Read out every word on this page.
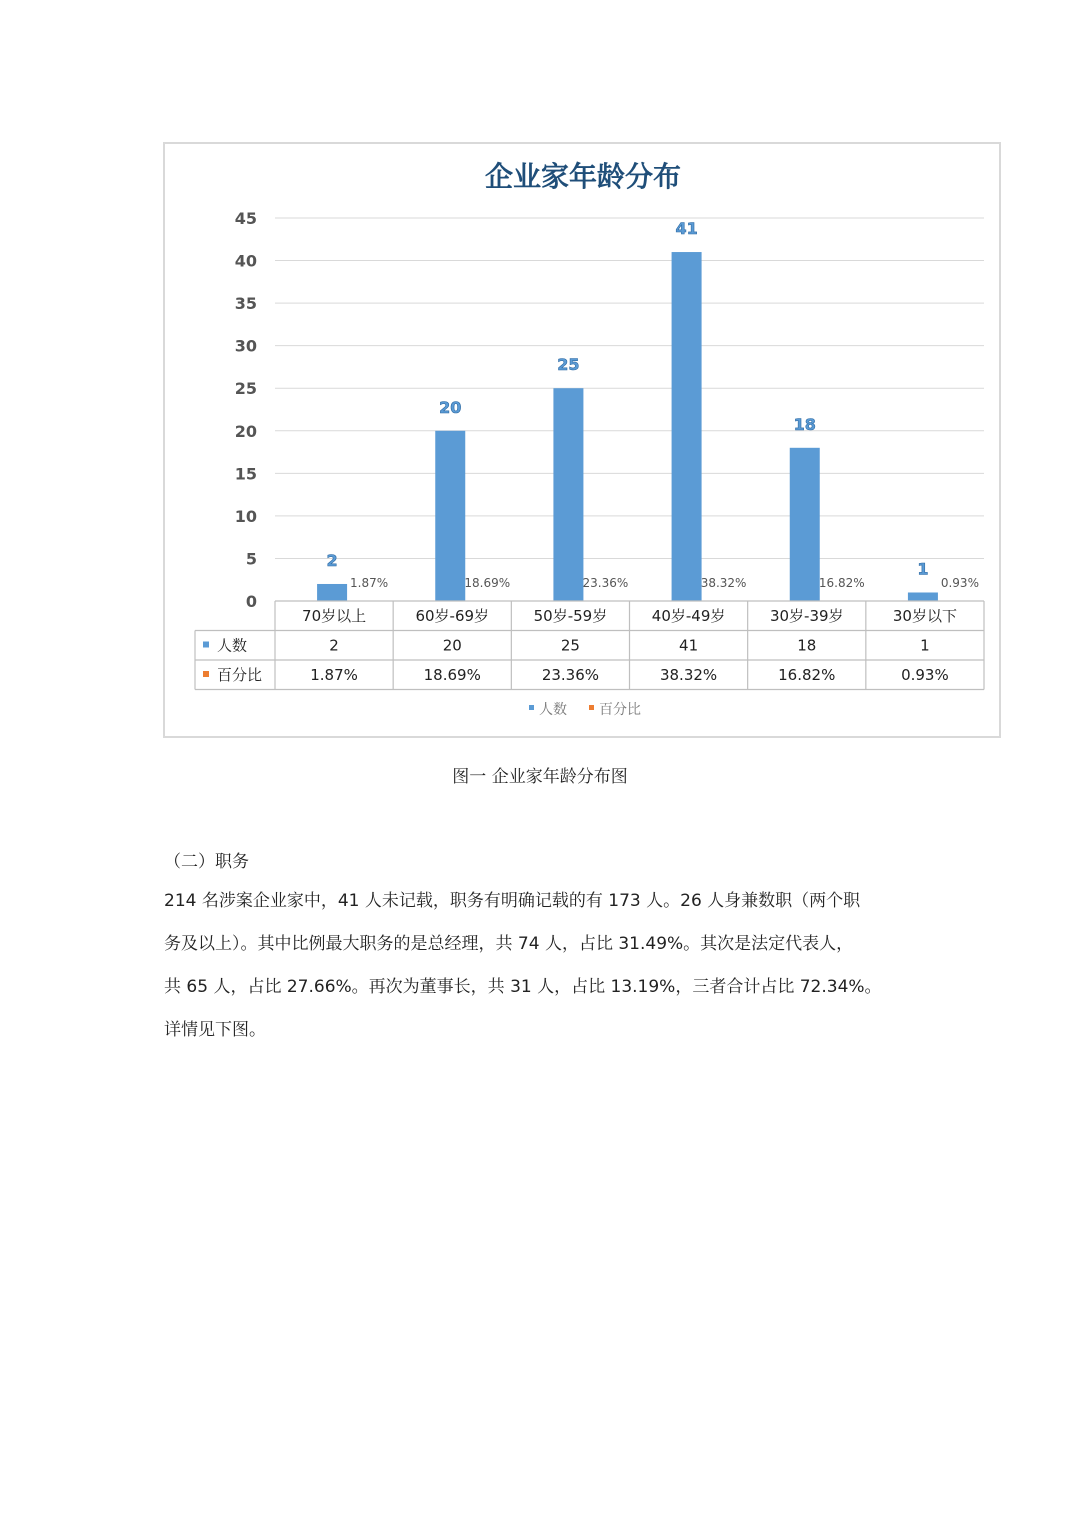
企业家年龄分布
0
5
10
15
20
25
30
35
40
45
2
1.87%
20
18.69%
25
23.36%
41
38.32%
18
16.82%
1
0.93%
70岁以上
2
1.87%
60岁-69岁
20
18.69%
50岁-59岁
25
23.36%
40岁-49岁
41
38.32%
30岁-39岁
18
16.82%
30岁以下
1
0.93%
人数
百分比
人数 百分比
图一 企业家年龄分布图
（二）职务
214 名涉案企业家中，41 人未记载，职务有明确记载的有 173 人。26 人身兼数职（两个职
务及以上）。其中比例最大职务的是总经理，共 74 人，占比 31.49%。其次是法定代表人，
共 65 人，占比 27.66%。再次为董事长，共 31 人，占比 13.19%，三者合计占比 72.34%。
详情见下图。
